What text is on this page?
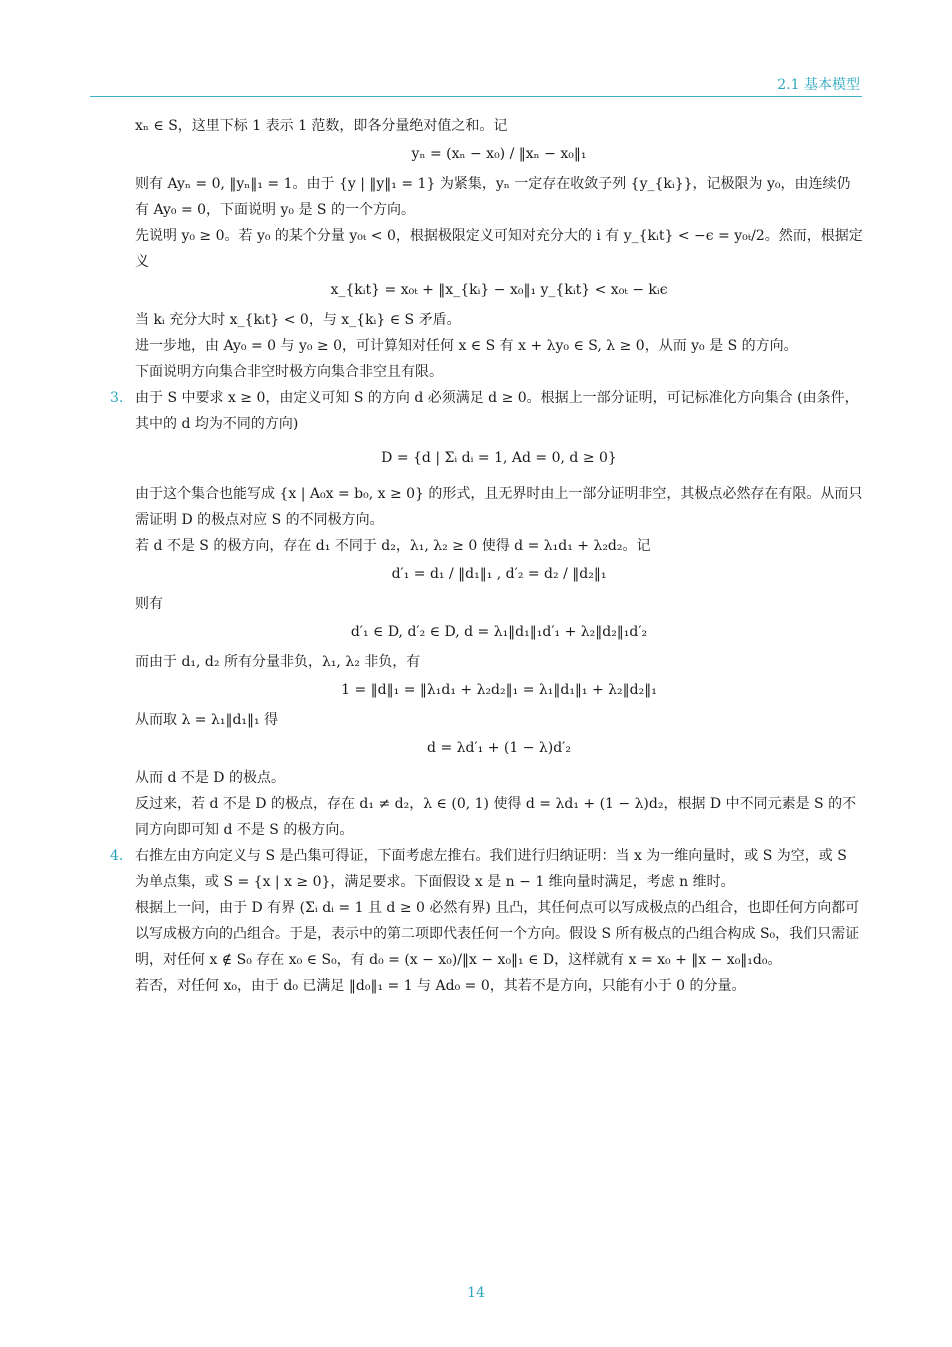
2.1 基本模型

xₙ ∈ S，这里下标 1 表示 1 范数，即各分量绝对值之和。记

yₙ = (xₙ − x₀) / ‖xₙ − x₀‖₁

则有 Ayₙ = 0, ‖yₙ‖₁ = 1。由于 {y | ‖y‖₁ = 1} 为紧集，yₙ 一定存在收敛子列 {y_{kᵢ}}，记极限为 y₀，由连续仍有 Ay₀ = 0，下面说明 y₀ 是 S 的一个方向。

先说明 y₀ ≥ 0。若 y₀ 的某个分量 y₀ₜ < 0，根据极限定义可知对充分大的 i 有 y_{kᵢt} < −ϵ = y₀ₜ/2。然而，根据定义

x_{kᵢt} = x₀ₜ + ‖x_{kᵢ} − x₀‖₁ y_{kᵢt} < x₀ₜ − kᵢϵ

当 kᵢ 充分大时 x_{kᵢt} < 0，与 x_{kᵢ} ∈ S 矛盾。

进一步地，由 Ay₀ = 0 与 y₀ ≥ 0，可计算知对任何 x ∈ S 有 x + λy₀ ∈ S, λ ≥ 0，从而 y₀ 是 S 的方向。

下面说明方向集合非空时极方向集合非空且有限。

3. 由于 S 中要求 x ≥ 0，由定义可知 S 的方向 d 必须满足 d ≥ 0。根据上一部分证明，可记标准化方向集合 (由条件，其中的 d 均为不同的方向)
D = {d | Σᵢ dᵢ = 1, Ad = 0, d ≥ 0}

由于这个集合也能写成 {x | A₀x = b₀, x ≥ 0} 的形式，且无界时由上一部分证明非空，其极点必然存在有限。从而只需证明 D 的极点对应 S 的不同极方向。

若 d 不是 S 的极方向，存在 d₁ 不同于 d₂，λ₁, λ₂ ≥ 0 使得 d = λ₁d₁ + λ₂d₂。记

d′₁ = d₁ / ‖d₁‖₁ , d′₂ = d₂ / ‖d₂‖₁

则有

d′₁ ∈ D, d′₂ ∈ D, d = λ₁‖d₁‖₁d′₁ + λ₂‖d₂‖₁d′₂

而由于 d₁, d₂ 所有分量非负，λ₁, λ₂ 非负，有

1 = ‖d‖₁ = ‖λ₁d₁ + λ₂d₂‖₁ = λ₁‖d₁‖₁ + λ₂‖d₂‖₁

从而取 λ = λ₁‖d₁‖₁ 得

d = λd′₁ + (1 − λ)d′₂

从而 d 不是 D 的极点。

反过来，若 d 不是 D 的极点，存在 d₁ ≠ d₂，λ ∈ (0, 1) 使得 d = λd₁ + (1 − λ)d₂，根据 D 中不同元素是 S 的不同方向即可知 d 不是 S 的极方向。

4. 右推左由方向定义与 S 是凸集可得证，下面考虑左推右。我们进行归纳证明：当 x 为一维向量时，或 S 为空，或 S 为单点集，或 S = {x | x ≥ 0}，满足要求。下面假设 x 是 n − 1 维向量时满足，考虑 n 维时。

根据上一问，由于 D 有界 (Σᵢ dᵢ = 1 且 d ≥ 0 必然有界) 且凸，其任何点可以写成极点的凸组合，也即任何方向都可以写成极方向的凸组合。于是，表示中的第二项即代表任何一个方向。假设 S 所有极点的凸组合构成 S₀，我们只需证明，对任何 x ∉ S₀ 存在 x₀ ∈ S₀，有 d₀ = (x − x₀)/‖x − x₀‖₁ ∈ D，这样就有 x = x₀ + ‖x − x₀‖₁d₀。

若否，对任何 x₀，由于 d₀ 已满足 ‖d₀‖₁ = 1 与 Ad₀ = 0，其若不是方向，只能有小于 0 的分量。

14
